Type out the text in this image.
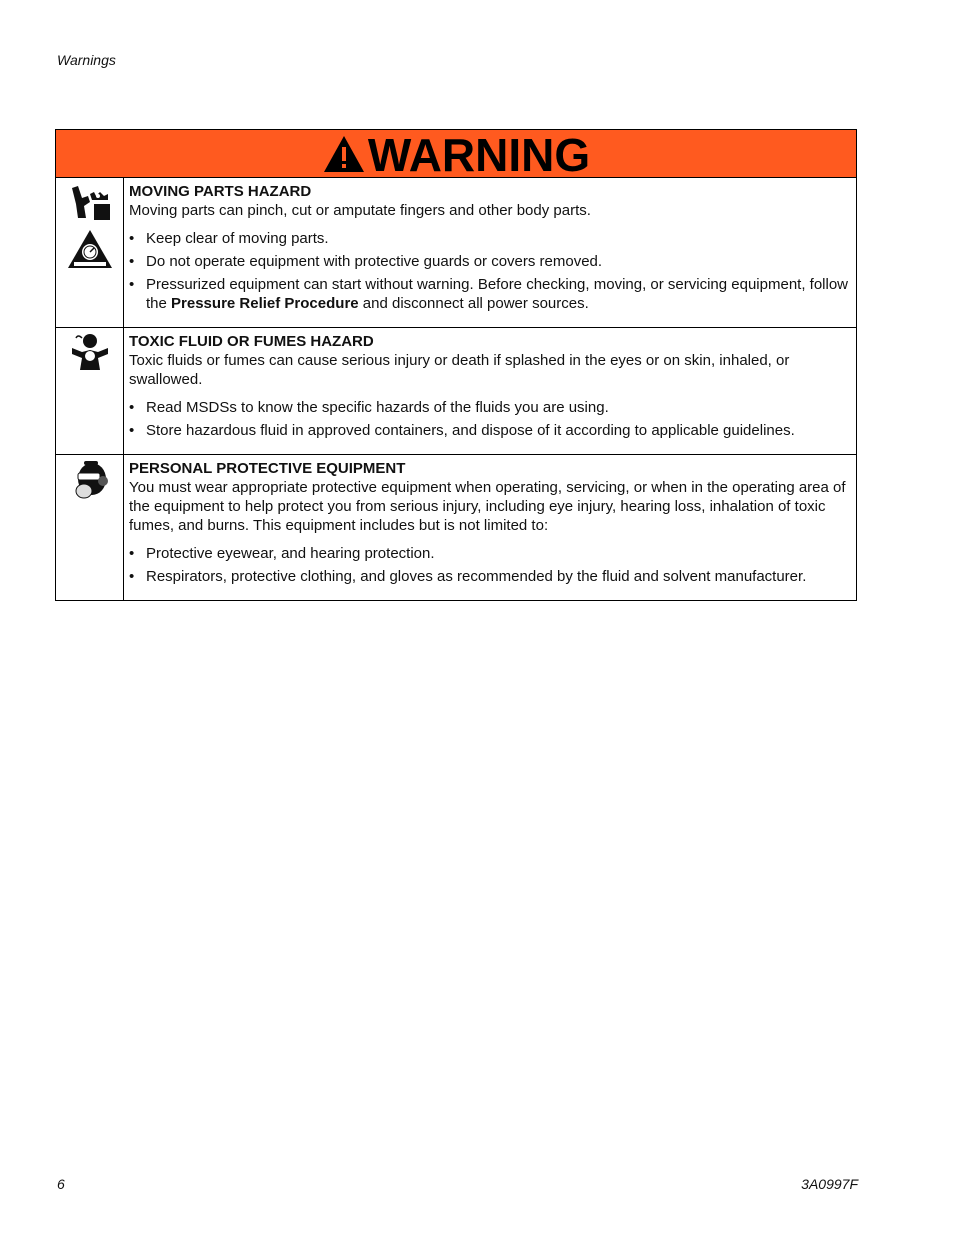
Warnings
WARNING
MOVING PARTS HAZARD
Moving parts can pinch, cut or amputate fingers and other body parts.
• Keep clear of moving parts.
• Do not operate equipment with protective guards or covers removed.
• Pressurized equipment can start without warning. Before checking, moving, or servicing equipment, follow the Pressure Relief Procedure and disconnect all power sources.
TOXIC FLUID OR FUMES HAZARD
Toxic fluids or fumes can cause serious injury or death if splashed in the eyes or on skin, inhaled, or swallowed.
• Read MSDSs to know the specific hazards of the fluids you are using.
• Store hazardous fluid in approved containers, and dispose of it according to applicable guidelines.
PERSONAL PROTECTIVE EQUIPMENT
You must wear appropriate protective equipment when operating, servicing, or when in the operating area of the equipment to help protect you from serious injury, including eye injury, hearing loss, inhalation of toxic fumes, and burns. This equipment includes but is not limited to:
• Protective eyewear, and hearing protection.
• Respirators, protective clothing, and gloves as recommended by the fluid and solvent manufacturer.
6	3A0997F
